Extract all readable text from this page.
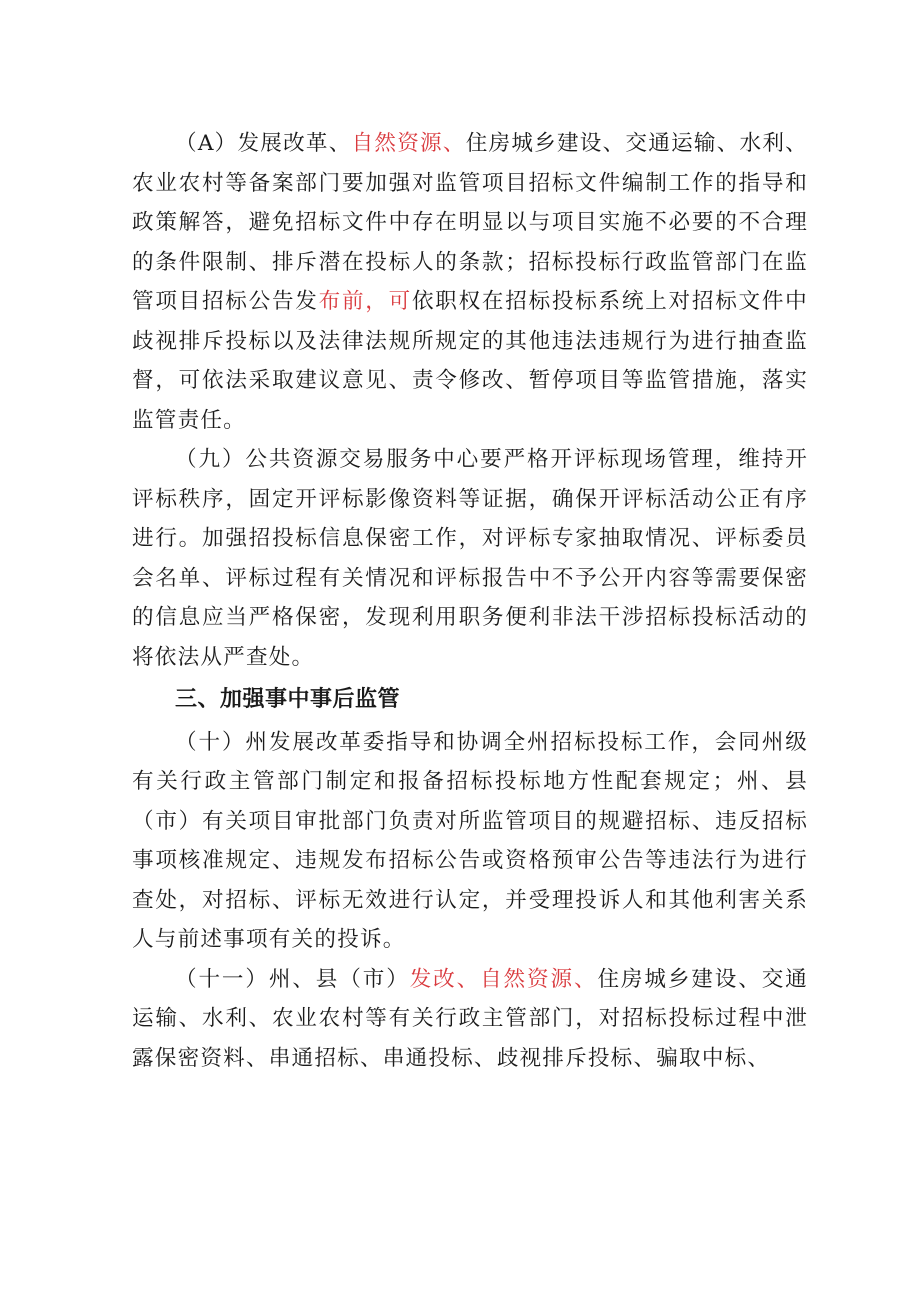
（A）发展改革、自然资源、住房城乡建设、交通运输、水利、农业农村等备案部门要加强对监管项目招标文件编制工作的指导和政策解答，避免招标文件中存在明显以与项目实施不必要的不合理的条件限制、排斥潜在投标人的条款；招标投标行政监管部门在监管项目招标公告发布前，可依职权在招标投标系统上对招标文件中歧视排斥投标以及法律法规所规定的其他违法违规行为进行抽查监督，可依法采取建议意见、责令修改、暂停项目等监管措施，落实监管责任。

（九）公共资源交易服务中心要严格开评标现场管理，维持开评标秩序，固定开评标影像资料等证据，确保开评标活动公正有序进行。加强招投标信息保密工作，对评标专家抽取情况、评标委员会名单、评标过程有关情况和评标报告中不予公开内容等需要保密的信息应当严格保密，发现利用职务便利非法干涉招标投标活动的将依法从严查处。

三、加强事中事后监管

（十）州发展改革委指导和协调全州招标投标工作，会同州级有关行政主管部门制定和报备招标投标地方性配套规定；州、县（市）有关项目审批部门负责对所监管项目的规避招标、违反招标事项核准规定、违规发布招标公告或资格预审公告等违法行为进行查处，对招标、评标无效进行认定，并受理投诉人和其他利害关系人与前述事项有关的投诉。

（十一）州、县（市）发改、自然资源、住房城乡建设、交通运输、水利、农业农村等有关行政主管部门，对招标投标过程中泄露保密资料、串通招标、串通投标、歧视排斥投标、骗取中标、
